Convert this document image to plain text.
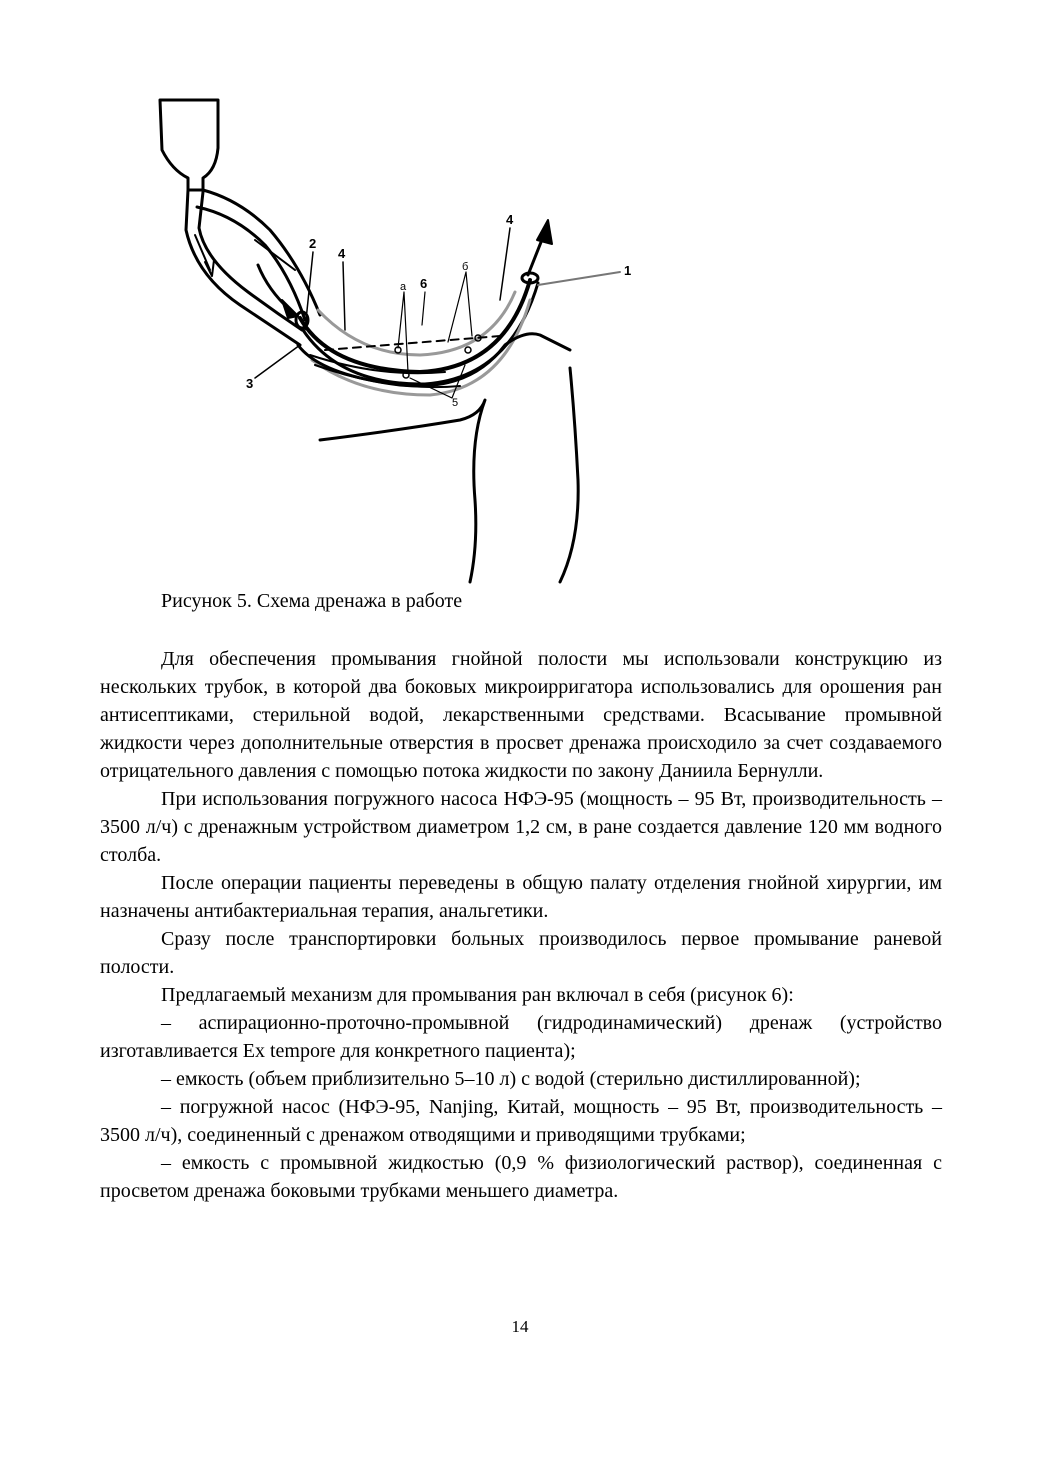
1
2
3
4
4
5
6
a
б
Рисунок 5. Схема дренажа в работе

Для обеспечения промывания гнойной полости мы использовали конструкцию из нескольких трубок, в которой два боковых микроирригатора использовались для орошения ран антисептиками, стерильной водой, лекарственными средствами. Всасывание промывной жидкости через дополнительные отверстия в просвет дренажа происходило за счет создаваемого отрицательного давления с помощью потока жидкости по закону Даниила Бернулли.

При использования погружного насоса НФЭ-95 (мощность – 95 Вт, производительность – 3500 л/ч) с дренажным устройством диаметром 1,2 см, в ране создается давление 120 мм водного столба.

После операции пациенты переведены в общую палату отделения гнойной хирургии, им назначены антибактериальная терапия, анальгетики.

Сразу после транспортировки больных производилось первое промывание раневой полости.

Предлагаемый механизм для промывания ран включал в себя (рисунок 6):

– аспирационно-проточно-промывной (гидродинамический) дренаж (устройство изготавливается Ex tempore для конкретного пациента);

– емкость (объем приблизительно 5–10 л) с водой (стерильно дистиллированной);

– погружной насос (НФЭ-95, Nanjing, Китай, мощность – 95 Вт, производительность – 3500 л/ч), соединенный с дренажом отводящими и приводящими трубками;

– емкость с промывной жидкостью (0,9 % физиологический раствор), соединенная с просветом дренажа боковыми трубками меньшего диаметра.

14
